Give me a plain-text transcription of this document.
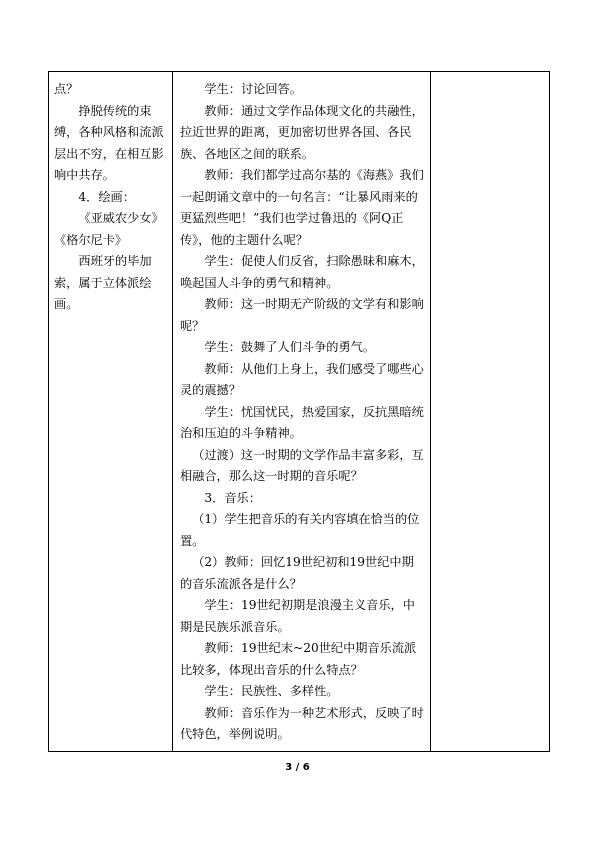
点？

挣脱传统的束缚，各种风格和流派层出不穷，在相互影响中共存。

4．绘画：

《亚威农少女》

《格尔尼卡》

西班牙的毕加索，属于立体派绘画。

学生：讨论回答。

教师：通过文学作品体现文化的共融性，拉近世界的距离，更加密切世界各国、各民族、各地区之间的联系。

教师：我们都学过高尔基的《海燕》我们一起朗诵文章中的一句名言：“让暴风雨来的更猛烈些吧！”我们也学过鲁迅的《阿Q正传》，他的主题什么呢？

学生：促使人们反省，扫除愚昧和麻木，唤起国人斗争的勇气和精神。

教师：这一时期无产阶级的文学有和影响呢？

学生：鼓舞了人们斗争的勇气。

教师：从他们上身上，我们感受了哪些心灵的震撼？

学生：忧国忧民，热爱国家，反抗黑暗统治和压迫的斗争精神。

（过渡）这一时期的文学作品丰富多彩，互相融合，那么这一时期的音乐呢？

3．音乐：

（1）学生把音乐的有关内容填在恰当的位置。

（2）教师：回忆19世纪初和19世纪中期的音乐流派各是什么？

学生：19世纪初期是浪漫主义音乐，中期是民族乐派音乐。

教师：19世纪末~20世纪中期音乐流派比较多，体现出音乐的什么特点？

学生：民族性、多样性。

教师：音乐作为一种艺术形式，反映了时代特色，举例说明。

3 / 6
